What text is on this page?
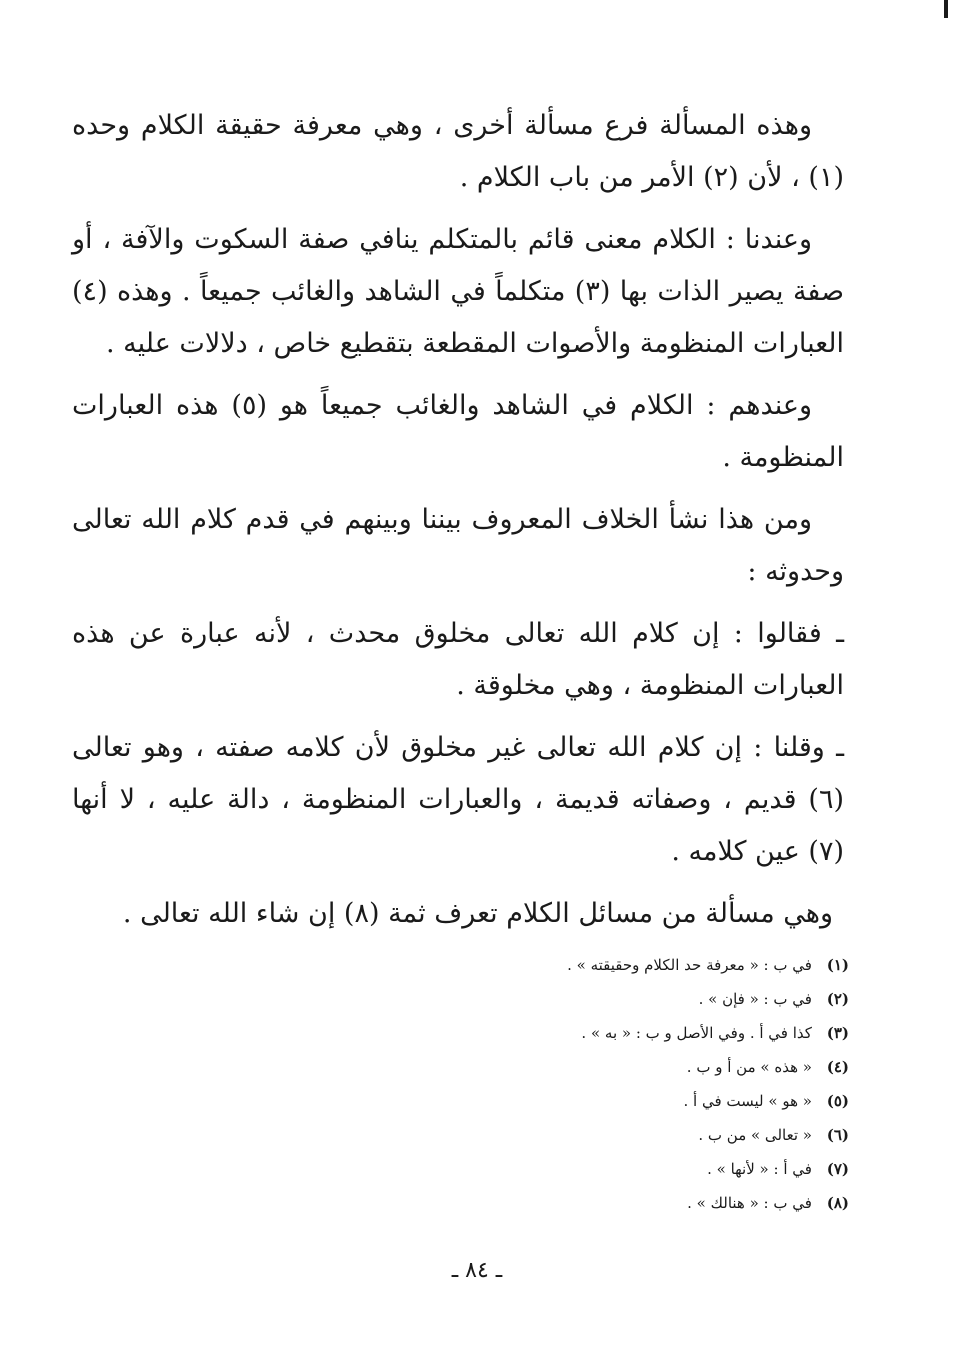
وهذه المسألة فرع مسألة أخرى ، وهي معرفة حقيقة الكلام وحده (١) ، لأن (٢) الأمر من باب الكلام .

وعندنا : الكلام معنى قائم بالمتكلم ينافي صفة السكوت والآفة ، أو صفة يصير الذات بها (٣) متكلماً في الشاهد والغائب جميعاً . وهذه (٤) العبارات المنظومة والأصوات المقطعة بتقطيع خاص ، دلالات عليه .

وعندهم : الكلام في الشاهد والغائب جميعاً هو (٥) هذه العبارات المنظومة .

ومن هذا نشأ الخلاف المعروف بيننا وبينهم في قدم كلام الله تعالى وحدوثه :

ـ فقالوا : إن كلام الله تعالى مخلوق محدث ، لأنه عبارة عن هذه العبارات المنظومة ، وهي مخلوقة .

ـ وقلنا : إن كلام الله تعالى غير مخلوق لأن كلامه صفته ، وهو تعالى (٦) قديم ، وصفاته قديمة ، والعبارات المنظومة ، دالة عليه ، لا أنها (٧) عين كلامه .

وهي مسألة من مسائل الكلام تعرف ثمة (٨) إن شاء الله تعالى .

(١) في ب : « معرفة حد الكلام وحقيقته » .
(٢) في ب : « فإن » .
(٣) كذا في أ . وفي الأصل و ب : « به » .
(٤) « هذه » من أ و ب .
(٥) « هو » ليست في أ .
(٦) « تعالى » من ب .
(٧) في أ : « لأنها » .
(٨) في ب : « هنالك » .
ـ ٨٤ ـ
